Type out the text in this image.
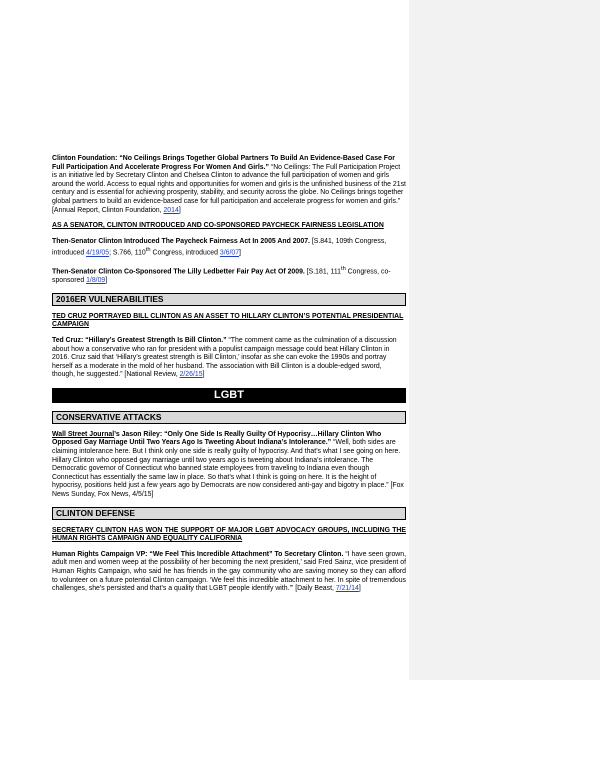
Clinton Foundation: “No Ceilings Brings Together Global Partners To Build An Evidence-Based Case For Full Participation And Accelerate Progress For Women And Girls.” “No Ceilings: The Full Participation Project is an initiative led by Secretary Clinton and Chelsea Clinton to advance the full participation of women and girls around the world. Access to equal rights and opportunities for women and girls is the unfinished business of the 21st century and is essential for achieving prosperity, stability, and security across the globe. No Ceilings brings together global partners to build an evidence-based case for full participation and accelerate progress for women and girls.” [Annual Report, Clinton Foundation, 2014]

AS A SENATOR, CLINTON INTRODUCED AND CO-SPONSORED PAYCHECK FAIRNESS LEGISLATION

Then-Senator Clinton Introduced The Paycheck Fairness Act In 2005 And 2007. [S.841, 109th Congress, introduced 4/19/05; S.766, 110th Congress, introduced 3/6/07]

Then-Senator Clinton Co-Sponsored The Lilly Ledbetter Fair Pay Act Of 2009. [S.181, 111th Congress, co-sponsored 1/8/09]

2016ER VULNERABILITIES
TED CRUZ PORTRAYED BILL CLINTON AS AN ASSET TO HILLARY CLINTON’S POTENTIAL PRESIDENTIAL CAMPAIGN

Ted Cruz: “Hillary’s Greatest Strength Is Bill Clinton.” “The comment came as the culmination of a discussion about how a conservative who ran for president with a populist campaign message could beat Hillary Clinton in 2016. Cruz said that ‘Hillary’s greatest strength is Bill Clinton,’ insofar as she can evoke the 1990s and portray herself as a moderate in the mold of her husband. The association with Bill Clinton is a double-edged sword, though, he suggested.” [National Review, 2/26/15]

LGBT
CONSERVATIVE ATTACKS

Wall Street Journal’s Jason Riley: “Only One Side Is Really Guilty Of Hypocrisy…Hillary Clinton Who Opposed Gay Marriage Until Two Years Ago Is Tweeting About Indiana’s Intolerance.” “Well, both sides are claiming intolerance here. But I think only one side is really guilty of hypocrisy. And that’s what I see going on here. Hillary Clinton who opposed gay marriage until two years ago is tweeting about Indiana’s intolerance. The Democratic governor of Connecticut who banned state employees from traveling to Indiana even though Connecticut has essentially the same law in place. So that’s what I think is going on here. It is the height of hypocrisy, positions held just a few years ago by Democrats are now considered anti-gay and bigotry in place.” [Fox News Sunday, Fox News, 4/5/15]

CLINTON DEFENSE
SECRETARY CLINTON HAS WON THE SUPPORT OF MAJOR LGBT ADVOCACY GROUPS, INCLUDING THE HUMAN RIGHTS CAMPAIGN AND EQUALITY CALIFORNIA

Human Rights Campaign VP: “We Feel This Incredible Attachment” To Secretary Clinton. “I have seen grown, adult men and women weep at the possibility of her becoming the next president,’ said Fred Sainz, vice president of Human Rights Campaign, who said he has friends in the gay community who are saving money so they can afford to volunteer on a future potential Clinton campaign. ‘We feel this incredible attachment to her. In spite of tremendous challenges, she’s persisted and that’s a quality that LGBT people identify with.’” [Daily Beast, 7/21/14]
